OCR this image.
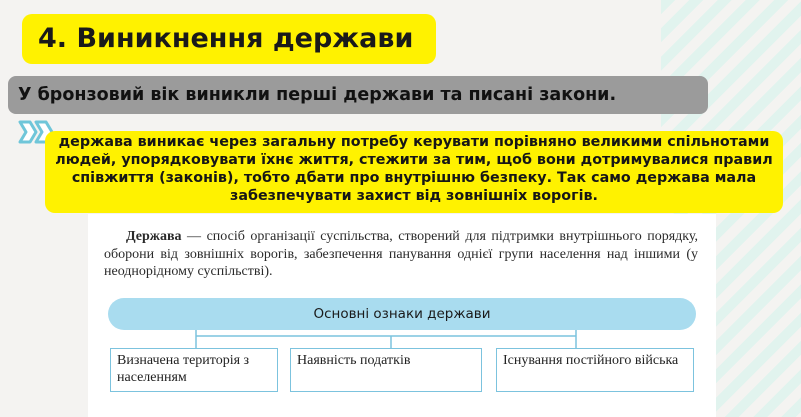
4. Виникнення держави
У бронзовий вік виникли перші держави та писані закони.
держава виникає через загальну потребу керувати порівняно великими спільнотами людей, упорядковувати їхнє життя, стежити за тим, щоб вони дотримувалися правил співжиття (законів), тобто дбати про внутрішню безпеку. Так само держава мала забезпечувати захист від зовнішніх ворогів.
Держава — спосіб організації суспільства, створений для підтримки внутрішнього порядку, оборони від зовнішніх ворогів, забезпечення панування однієї групи населення над іншими (у неоднорідному суспільстві).
Основні ознаки держави
Визначена територія з населенням
Наявність податків	Існування постійного війська
